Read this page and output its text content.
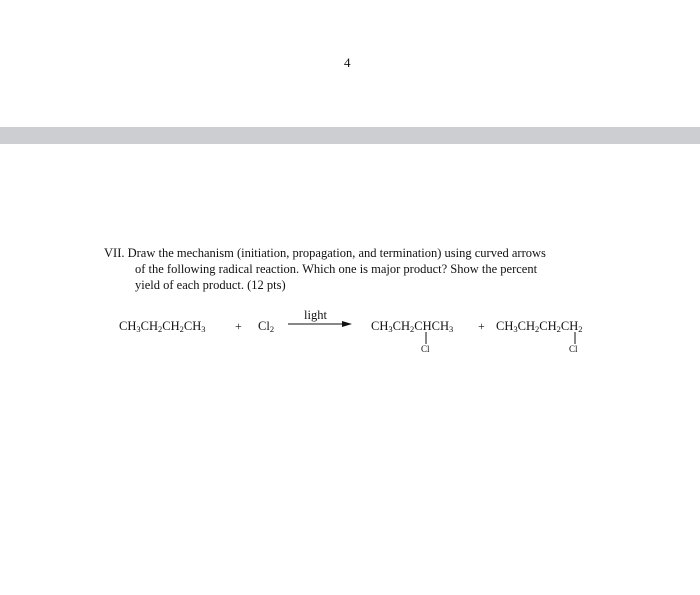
4
VII. Draw the mechanism (initiation, propagation, and termination) using curved arrows
of the following radical reaction. Which one is major product? Show the percent
yield of each product. (12 pts)
$CH_3CH_2CH_2CH_3 + Cl_2$
light
→ $CH_3CH_2CHCH_3$
Cl
+ $CH_3CH_2CH_2CH_2$
Cl
